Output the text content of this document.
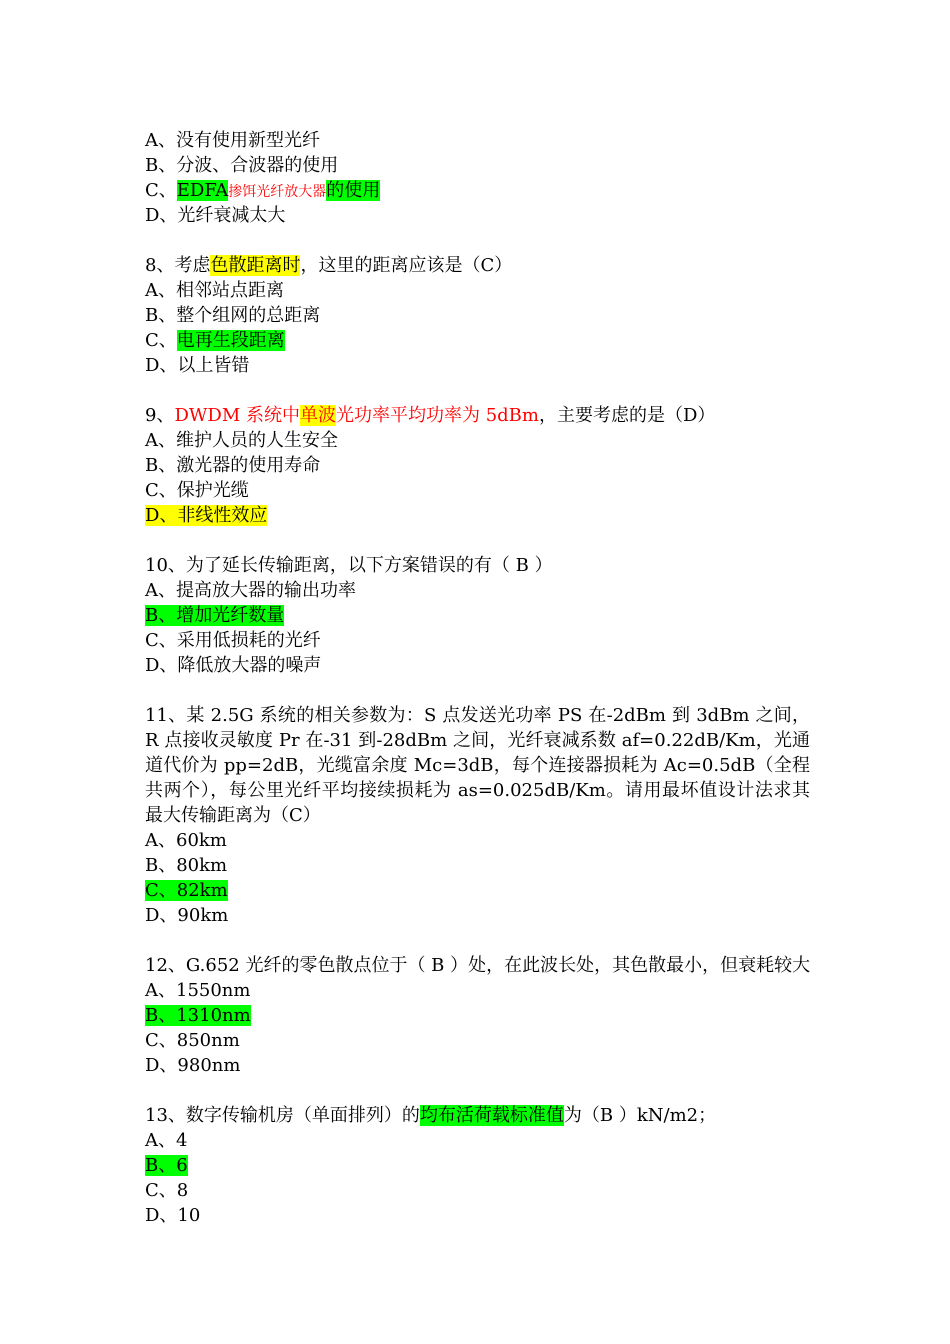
A、没有使用新型光纤
B、分波、合波器的使用
C、EDFA掺饵光纤放大器的使用
D、光纤衰减太大
8、考虑色散距离时，这里的距离应该是（C）
A、相邻站点距离
B、整个组网的总距离
C、电再生段距离
D、以上皆错
9、DWDM 系统中单波光功率平均功率为 5dBm，主要考虑的是（D）
A、维护人员的人生安全
B、激光器的使用寿命
C、保护光缆
D、非线性效应
10、为了延长传输距离，以下方案错误的有（ B ）
A、提高放大器的输出功率
B、增加光纤数量
C、采用低损耗的光纤
D、降低放大器的噪声
11、某 2.5G 系统的相关参数为：S 点发送光功率 PS 在-2dBm 到 3dBm 之间，R 点接收灵敏度 Pr 在-31 到-28dBm 之间，光纤衰减系数 af=0.22dB/Km，光通道代价为 pp=2dB，光缆富余度 Mc=3dB，每个连接器损耗为 Ac=0.5dB（全程共两个），每公里光纤平均接续损耗为 as=0.025dB/Km。请用最坏值设计法求其最大传输距离为（C）
A、60km
B、80km
C、82km
D、90km
12、G.652 光纤的零色散点位于（ B ）处，在此波长处，其色散最小，但衰耗较大
A、1550nm
B、1310nm
C、850nm
D、980nm
13、数字传输机房（单面排列）的均布活荷载标准值为（B ）kN/m2；
A、4
B、6
C、8
D、10
